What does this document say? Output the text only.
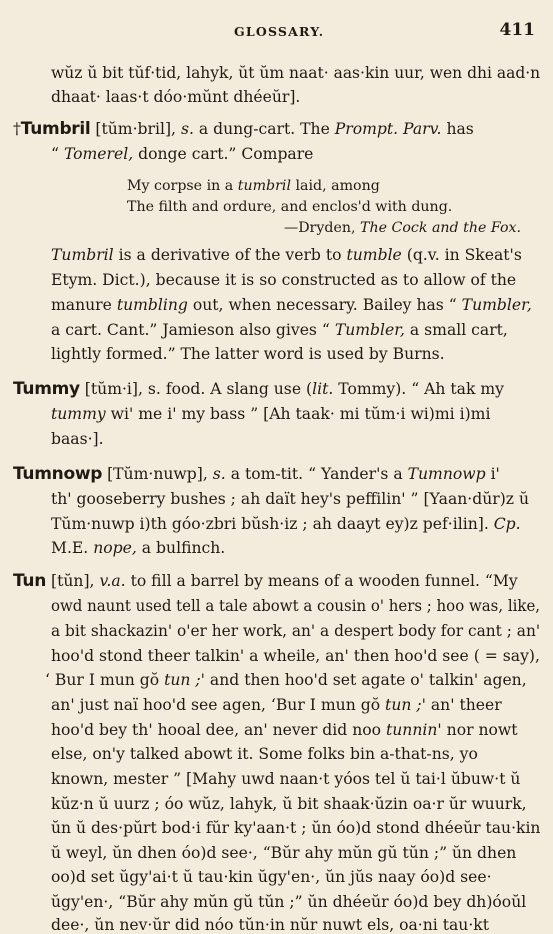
GLOSSARY.	411
wŭz ŭ bit tŭf·tid, lahyk, ŭt ŭm naat· aas·kin uur, wen dhi aad·n
dhaat· laas·t dóo·mŭnt dhéeŭr].
†Tumbril [tŭm·bril], s. a dung-cart. The Prompt. Parv. has
“ Tomerel, donge cart.” Compare
My corpse in a tumbril laid, among
The filth and ordure, and enclos'd with dung.
—Dryden, The Cock and the Fox.
Tumbril is a derivative of the verb to tumble (q.v. in Skeat's
Etym. Dict.), because it is so constructed as to allow of the
manure tumbling out, when necessary. Bailey has “ Tumbler,
a cart. Cant.” Jamieson also gives “ Tumbler, a small cart,
lightly formed.” The latter word is used by Burns.
Tummy [tŭm·i], s. food. A slang use (lit. Tommy). “ Ah tak my
tummy wi' me i' my bass ” [Ah taak· mi tŭm·i wi)mi i)mi
baas·].
Tumnowp [Tŭm·nuwp], s. a tom-tit. “ Yander's a Tumnowp i'
th' gooseberry bushes ; ah daït hey's peffilin' ” [Yaan·dŭr)z ŭ
Tŭm·nuwp i)th góo·zbri bŭsh·iz ; ah daayt ey)z pef·ilin]. Cp.
M.E. nope, a bulfinch.
Tun [tŭn], v.a. to fill a barrel by means of a wooden funnel. “My
owd naunt used tell a tale abowt a cousin o' hers ; hoo was, like,
a bit shackazin' o'er her work, an' a despert body for cant ; an'
hoo'd stond theer talkin' a wheile, an' then hoo'd see ( = say),
‘ Bur I mun gŏ tun ;' and then hoo'd set agate o' talkin' agen,
an' just naï hoo'd see agen, ‘Bur I mun gŏ tun ;' an' theer
hoo'd bey th' hooal dee, an' never did noo tunnin' nor nowt
else, on'y talked abowt it. Some folks bin a-that-ns, yo
known, mester ” [Mahy uwd naan·t yóos tel ŭ tai·l ŭbuw·t ŭ
kŭz·n ŭ uurz ; óo wŭz, lahyk, ŭ bit shaak·ŭzin oa·r ŭr wuurk,
ŭn ŭ des·pŭrt bod·i fŭr ky'aan·t ; ŭn óo)d stond dhéeŭr tau·kin
ŭ weyl, ŭn dhen óo)d see·, “Bŭr ahy mŭn gŭ tŭn ;” ŭn dhen
oo)d set ŭgy'ai·t ŭ tau·kin ŭgy'en·, ŭn jŭs naay óo)d see·
ŭgy'en·, “Bŭr ahy mŭn gŭ tŭn ;” ŭn dhéeŭr óo)d bey dh)óoŭl
dee·, ŭn nev·ŭr did nóo tŭn·in nŭr nuwt els, oa·ni tau·kt
